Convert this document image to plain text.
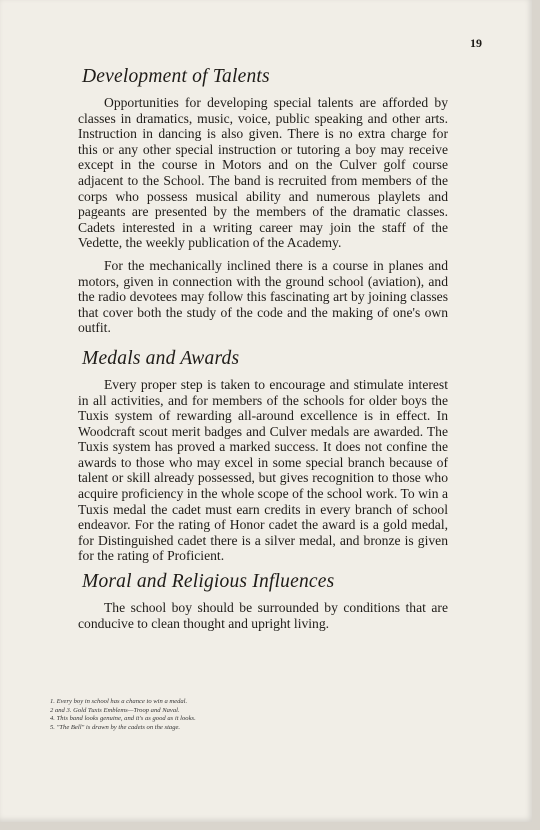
19
Development of Talents

Opportunities for developing special talents are afforded by classes in dramatics, music, voice, public speaking and other arts. Instruction in dancing is also given. There is no extra charge for this or any other special instruction or tutoring a boy may receive except in the course in Motors and on the Culver golf course adjacent to the School. The band is recruited from members of the corps who possess musical ability and numerous playlets and pageants are presented by the members of the dramatic classes. Cadets interested in a writing career may join the staff of the Vedette, the weekly publication of the Academy.

For the mechanically inclined there is a course in planes and motors, given in connection with the ground school (aviation), and the radio devotees may follow this fascinating art by joining classes that cover both the study of the code and the making of one's own outfit.

Medals and Awards

Every proper step is taken to encourage and stimulate interest in all activities, and for members of the schools for older boys the Tuxis system of rewarding all-around excellence is in effect. In Woodcraft scout merit badges and Culver medals are awarded. The Tuxis system has proved a marked success. It does not confine the awards to those who may excel in some special branch because of talent or skill already possessed, but gives recognition to those who acquire proficiency in the whole scope of the school work. To win a Tuxis medal the cadet must earn credits in every branch of school endeavor. For the rating of Honor cadet the award is a gold medal, for Distinguished cadet there is a silver medal, and bronze is given for the rating of Proficient.

Moral and Religious Influences

The school boy should be surrounded by conditions that are conducive to clean thought and upright living.

1. Every boy in school has a chance to win a medal.
2 and 3. Gold Tuxis Emblems—Troop and Naval.
4. This band looks genuine, and it's as good as it looks.
5. "The Bell" is drawn by the cadets on the stage.
